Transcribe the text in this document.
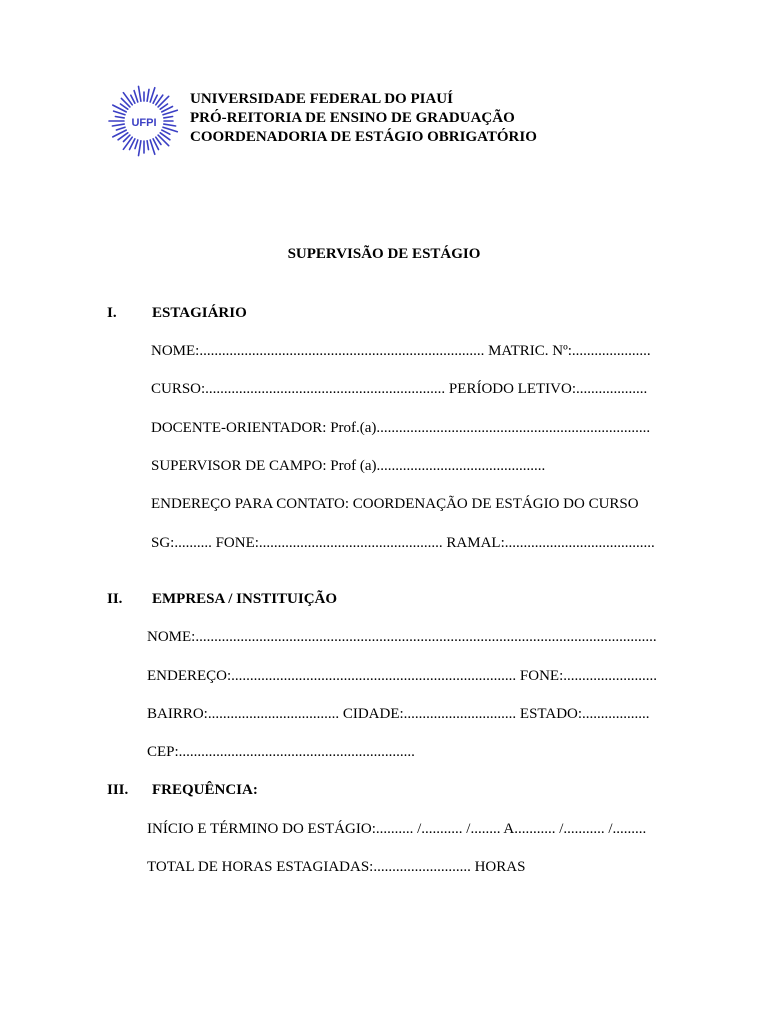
UFPI
UNIVERSIDADE FEDERAL DO PIAUÍ
PRÓ-REITORIA DE ENSINO DE GRADUAÇÃO
COORDENADORIA DE ESTÁGIO OBRIGATÓRIO
SUPERVISÃO DE ESTÁGIO
I. ESTAGIÁRIO
NOME:............................................................................ MATRIC. Nº:.....................
CURSO:................................................................ PERÍODO LETIVO:...................
DOCENTE-ORIENTADOR: Prof.(a).........................................................................
SUPERVISOR DE CAMPO: Prof (a).............................................
ENDEREÇO PARA CONTATO: COORDENAÇÃO DE ESTÁGIO DO CURSO
SG:.......... FONE:................................................. RAMAL:........................................
II. EMPRESA / INSTITUIÇÃO
NOME:...........................................................................................................................
ENDEREÇO:............................................................................ FONE:.........................
BAIRRO:................................... CIDADE:.............................. ESTADO:..................
CEP:...............................................................
III. FREQUÊNCIA:
INÍCIO E TÉRMINO DO ESTÁGIO:.......... /........... /........ A........... /........... /.........
TOTAL DE HORAS ESTAGIADAS:.......................... HORAS
